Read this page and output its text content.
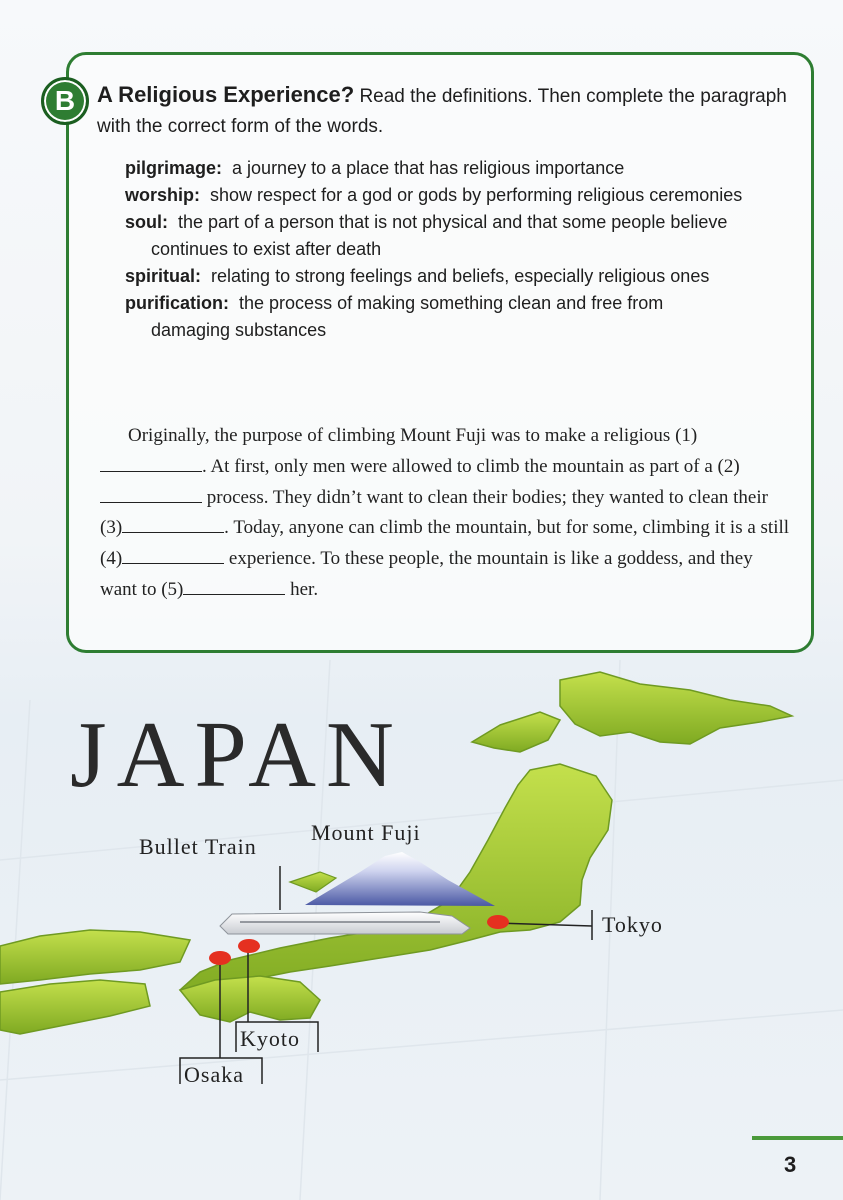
B A Religious Experience? Read the definitions. Then complete the paragraph with the correct form of the words.
pilgrimage: a journey to a place that has religious importance
worship: show respect for a god or gods by performing religious ceremonies
soul: the part of a person that is not physical and that some people believe continues to exist after death
spiritual: relating to strong feelings and beliefs, especially religious ones
purification: the process of making something clean and free from damaging substances

Originally, the purpose of climbing Mount Fuji was to make a religious (1). At first, only men were allowed to climb the mountain as part of a (2) process. They didn’t want to clean their bodies; they wanted to clean their (3)	. Today, anyone can climb the mountain, but for some, climbing it is a still (4)	experience. To these people, the mountain is like a goddess, and they want to (5)	her.

JAPAN
Bullet Train
Mount Fuji
Tokyo
Kyoto
Osaka
3
